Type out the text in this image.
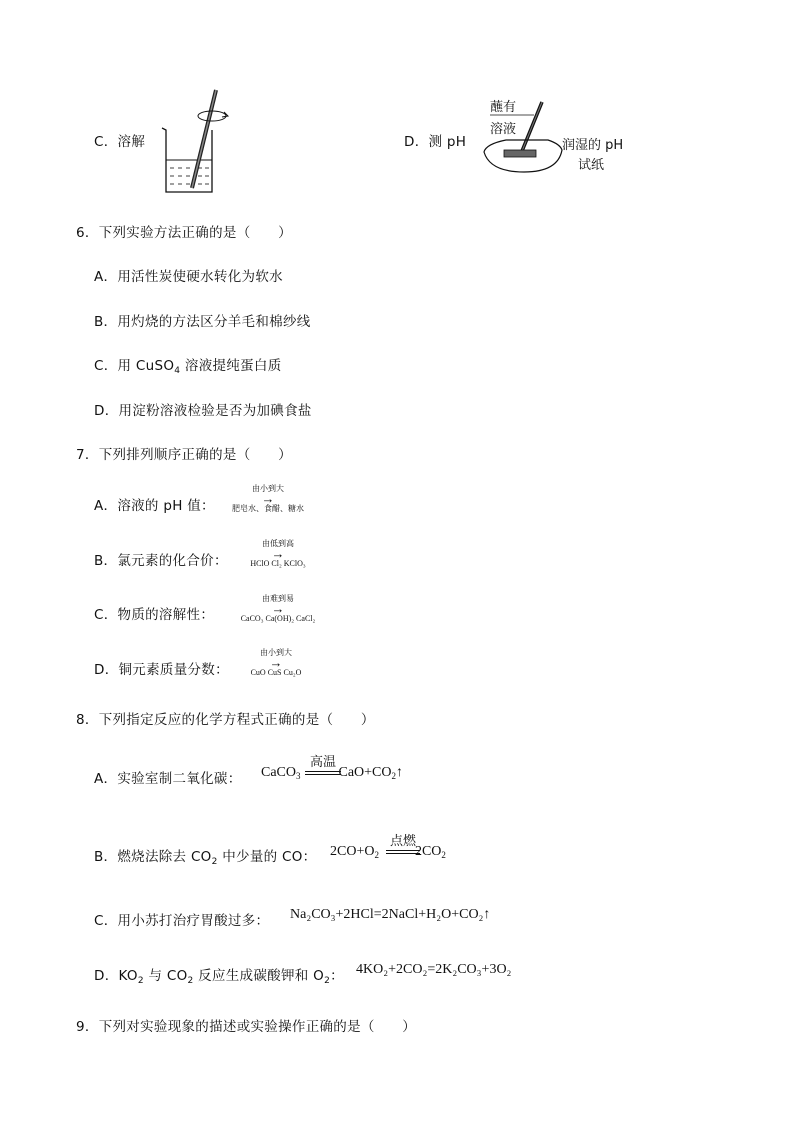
C．溶解	D．测 pH
蘸有
溶液
润湿的 pH
试纸
6．下列实验方法正确的是（　　）
A．用活性炭使硬水转化为软水
B．用灼烧的方法区分羊毛和棉纱线
C．用 CuSO$_4$ 溶液提纯蛋白质
D．用淀粉溶液检验是否为加碘食盐
7．下列排列顺序正确的是（　　）
A．溶液的 pH 值：
由小到大
→
肥皂水、食醋、糖水
B．氯元素的化合价：
由低到高
→
HClO Cl₂ KClO₃
C．物质的溶解性：
由难到易
→
CaCO₃ Ca(OH)₂ CaCl₂
D．铜元素质量分数：
由小到大
→
CuO CuS Cu₂O
8．下列指定反应的化学方程式正确的是（　　）
A．实验室制二氧化碳： CaCO$_3$	$CaO+CO_2↑$
高温
B．燃烧法除去 $CO_2$ 中少量的 CO： $2CO+O_2$	$2CO_2$
点燃
C．用小苏打治疗胃酸过多： Na₂CO₃+2HCl=2NaCl+H₂O+CO₂↑
D．$KO_2$ 与 $CO_2$ 反应生成碳酸钾和 $O_2$： 4KO₂+2CO₂=2K₂CO₃+3O₂
9．下列对实验现象的描述或实验操作正确的是（　　）
